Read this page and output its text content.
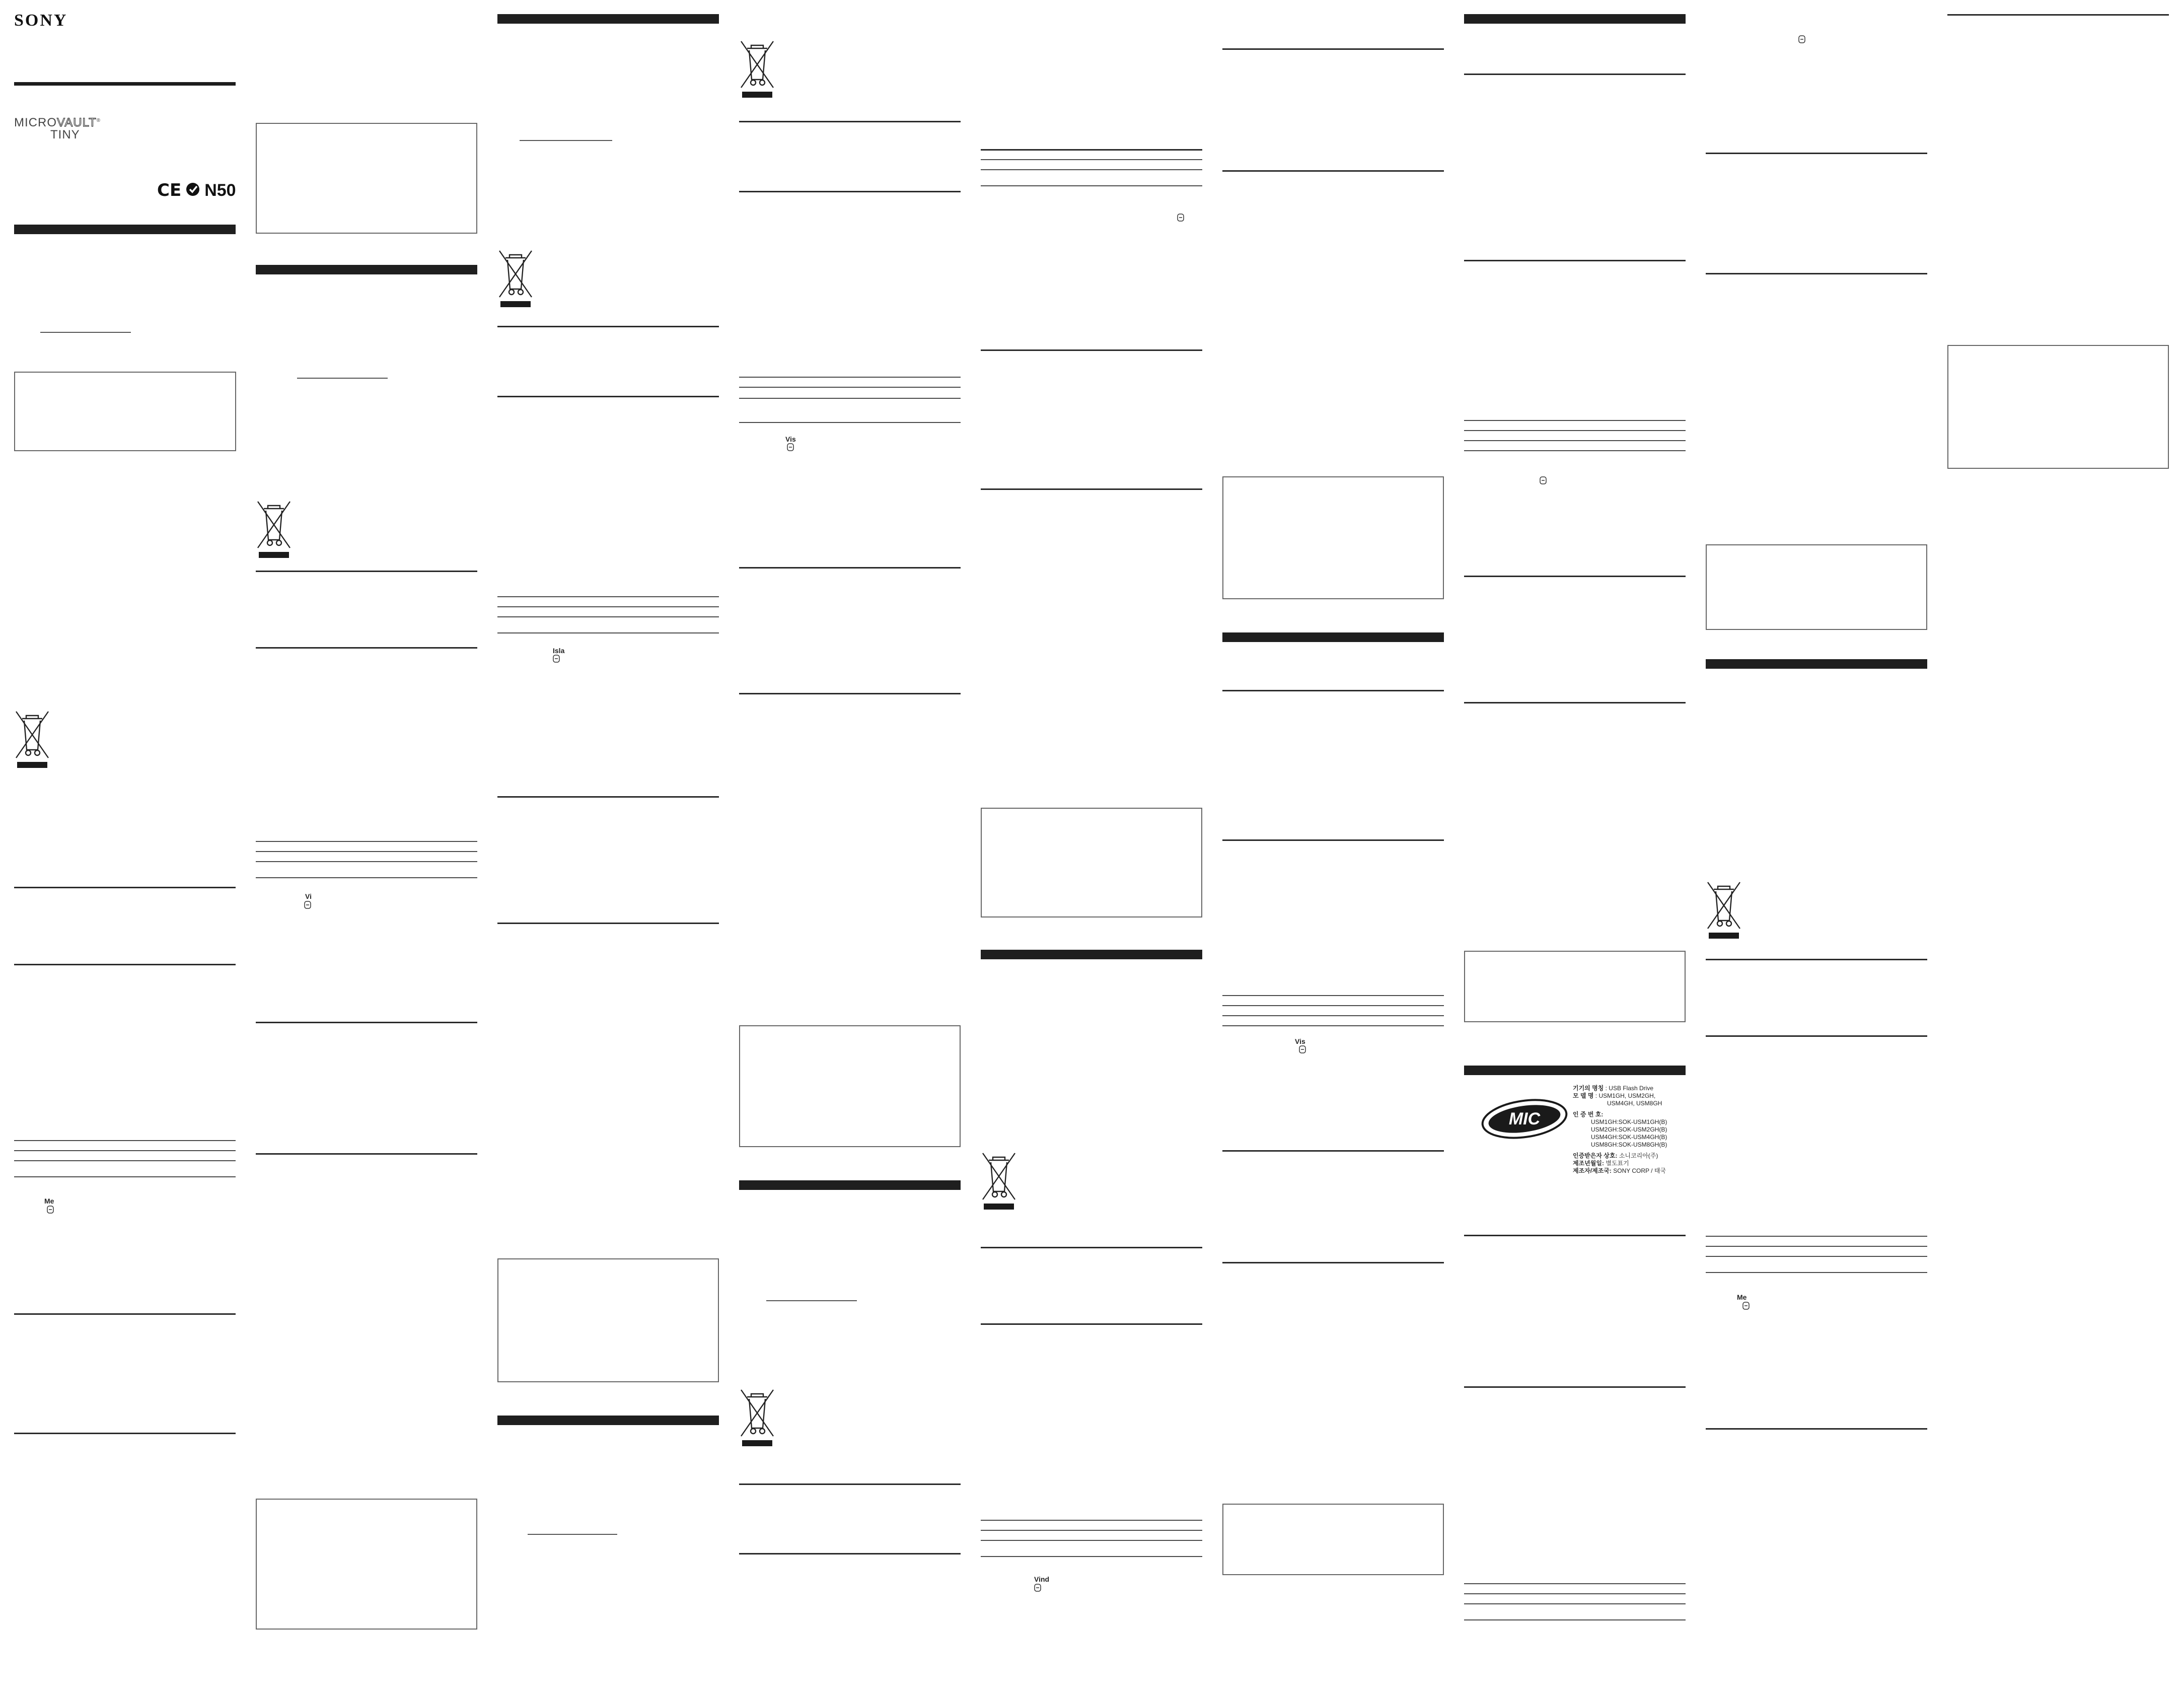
SONY
MICROVAULT®
TINY
CE N50
Me
Vi
Isla
Vis
Vind
Vis
MIC
기기의 명칭 : USB Flash Drive
모 델 명 : USM1GH, USM2GH,
USM4GH, USM8GH
인 증 번 호:
USM1GH:SOK-USM1GH(B)
USM2GH:SOK-USM2GH(B)
USM4GH:SOK-USM4GH(B)
USM8GH:SOK-USM8GH(B)
인증받은자 상호: 소니코리아(주)
제조년월일: 별도표기
제조자/제조국: SONY CORP / 태국
Me
